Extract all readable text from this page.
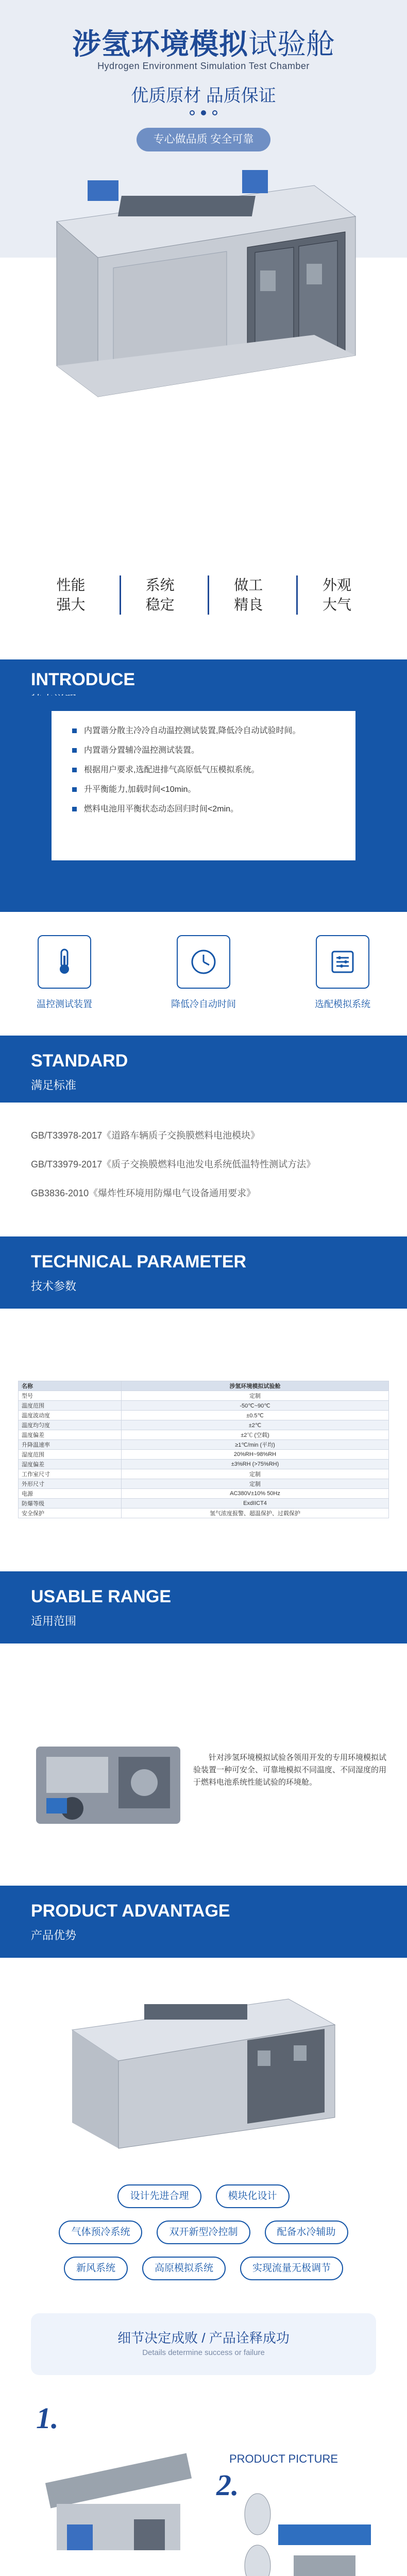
涉氢环境模拟试验舱
Hydrogen Environment Simulation Test Chamber
优质原材 品质保证
专心做品质 安全可靠
性能
强大
系统
稳定
做工
精良
外观
大气
INTRODUCE
内置谐分散主冷冷自动温控测试装置,降低冷自动试验时间。
内置谐分置辅冷温控测试装置。
根据用户要求,选配进排气高原低气压模拟系统。
升平衡能力,加载时间<10min。
燃料电池用平衡状态动态回归时间<2min。
温控测试装置	降低冷自动时间	选配模拟系统
STANDARD
满足标准
GB/T33978-2017《道路车辆质子交换膜燃料电池模块》
GB/T33979-2017《质子交换膜燃料电池发电系统低温特性测试方法》
GB3836-2010《爆炸性环境用防爆电气设备通用要求》
TECHNICAL PARAMETER
技术参数
名称	涉氢环境模拟试验舱
型号	定制
温度范围	-50℃~90℃
温度波动度	±0.5℃
温度均匀度	±2℃
温度偏差	±2℃ (空载)
升降温速率	≥1℃/min (平均)
湿度范围	20%RH~98%RH
湿度偏差	±3%RH (>75%RH)
工作室尺寸	定制
外形尺寸	定制
电源	AC380V±10% 50Hz
防爆等级	ExdIICT4
安全保护	氢气浓度报警、超温保护、过载保护
USABLE RANGE
适用范围
针对涉氢环境模拟试验各领用开发的专用环境模拟试验装置一种可安全、可靠地模拟不同温度、不同湿度的用于燃料电池系统性能试验的环境舱。
PRODUCT ADVANTAGE
产品优势
设计先进合理	模块化设计
气体预冷系统	双开新型冷控制	配备水冷辅助
新风系统	高原模拟系统	实现流量无极调节
细节决定成败 / 产品诠释成功
Details determine success or failure
1.
PRODUCT PICTURE
2.
